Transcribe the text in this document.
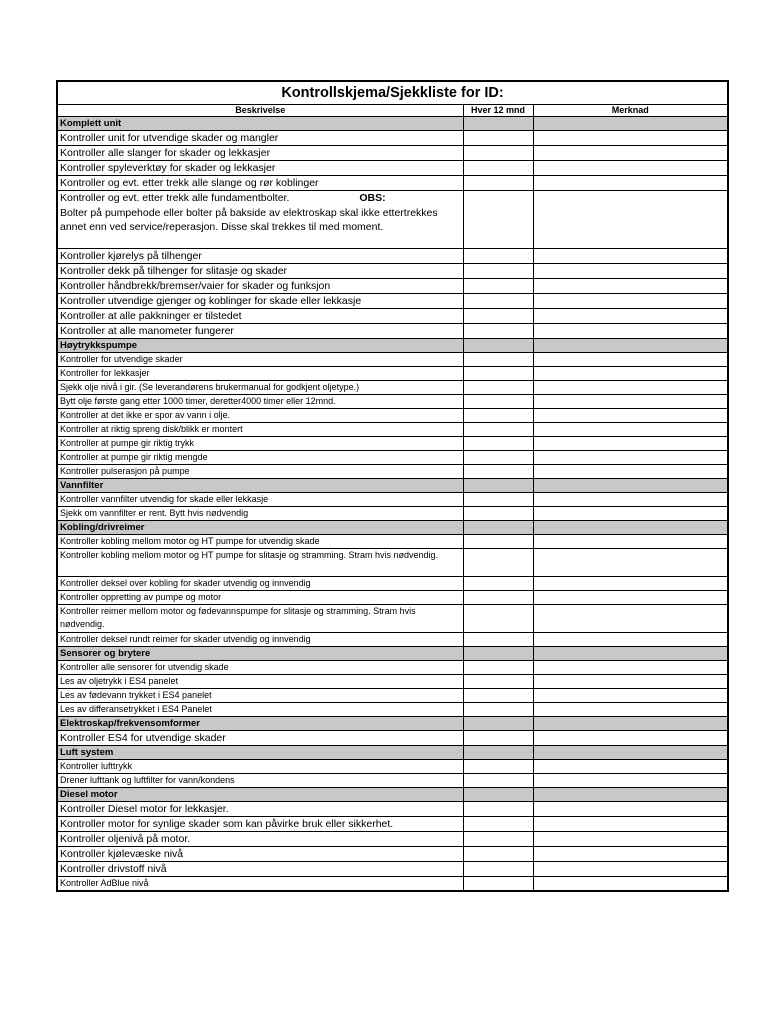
Kontrollskjema/Sjekkliste for ID:		
Beskrivelse	Hver 12 mnd	Merknad
Komplett unit		
Kontroller unit for utvendige skader og mangler		
Kontroller alle slanger for skader og lekkasjer		
Kontroller spyleverktøy for skader og lekkasjer		
Kontroller og evt. etter trekk alle slange og rør koblinger		
Kontroller og evt. etter trekk alle fundamentbolter. OBS:
Bolter på pumpehode eller bolter på bakside av elektroskap skal ikke ettertrekkes annet enn ved service/reperasjon. Disse skal trekkes til med moment.		
Kontroller kjørelys på tilhenger		
Kontroller dekk på tilhenger for slitasje og skader		
Kontroller håndbrekk/bremser/vaier for skader og funksjon		
Kontroller utvendige gjenger og koblinger for skade eller lekkasje		
Kontroller at alle pakkninger er tilstedet		
Kontroller at alle manometer fungerer		
Høytrykkspumpe		
Kontroller for utvendige skader		
Kontroller for lekkasjer		
Sjekk olje nivå i gir. (Se leverandørens brukermanual for godkjent oljetype.)		
Bytt olje første gang etter 1000 timer, deretter4000 timer eller 12mnd.		
Kontroller at det ikke er spor av vann i olje.		
Kontroller at riktig spreng disk/blikk er montert		
Kontroller at pumpe gir riktig trykk		
Kontroller at pumpe gir riktig mengde		
Kontroller pulserasjon på pumpe		
Vannfilter		
Kontroller vannfilter utvendig for skade eller lekkasje		
Sjekk om vannfilter er rent. Bytt hvis nødvendig		
Kobling/drivreimer		
Kontroller kobling mellom motor og HT pumpe for utvendig skade		
Kontroller kobling mellom motor og HT pumpe for slitasje og stramming. Stram hvis nødvendig.		
Kontroller deksel over kobling for skader utvendig og innvendig		
Kontroller oppretting av pumpe og motor		
Kontroller reimer mellom motor og fødevannspumpe for slitasje og stramming. Stram hvis nødvendig.		
Kontroller deksel rundt reimer for skader utvendig og innvendig		
Sensorer og brytere		
Kontroller alle sensorer for utvendig skade		
Les av oljetrykk i ES4 panelet		
Les av fødevann trykket i ES4 panelet		
Les av differansetrykket i ES4 Panelet		
Elektroskap/frekvensomformer		
Kontroller ES4 for utvendige skader		
Luft system		
Kontroller lufttrykk		
Drener lufttank og luftfilter for vann/kondens		
Diesel motor		
Kontroller Diesel motor for lekkasjer.		
Kontroller motor for synlige skader som kan påvirke bruk eller sikkerhet.		
Kontroller oljenivå på motor.		
Kontroller kjølevæske nivå		
Kontroller drivstoff nivå		
Kontroller AdBlue nivå		
